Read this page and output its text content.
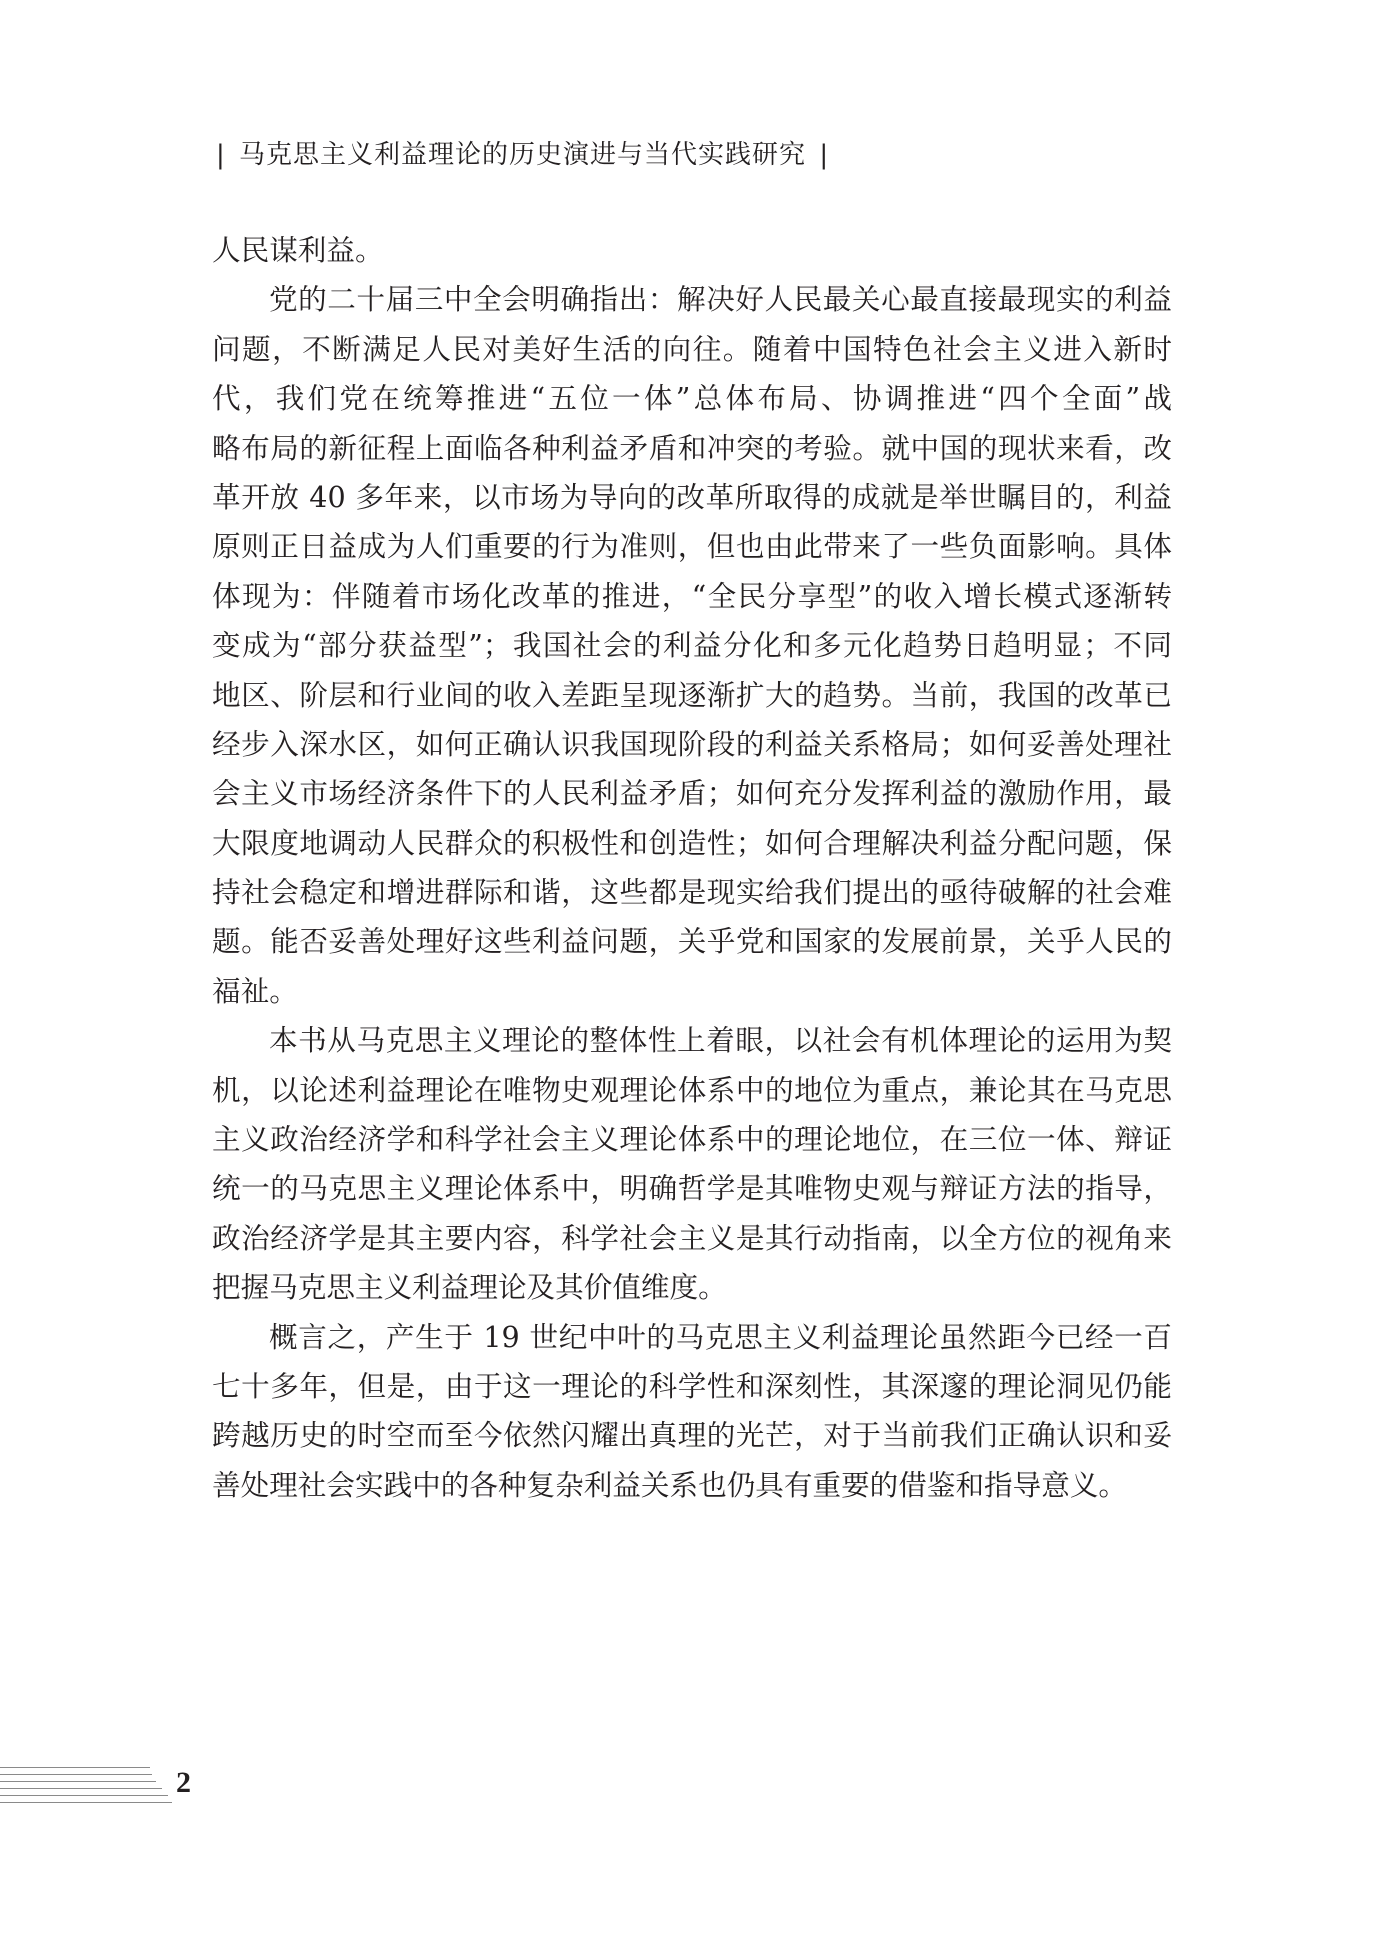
| 马克思主义利益理论的历史演进与当代实践研究 |
人民谋利益。
党的二十届三中全会明确指出：解决好人民最关心最直接最现实的利益
问题，不断满足人民对美好生活的向往。随着中国特色社会主义进入新时
代，我们党在统筹推进“五位一体”总体布局、协调推进“四个全面”战
略布局的新征程上面临各种利益矛盾和冲突的考验。就中国的现状来看，改
革开放 40 多年来，以市场为导向的改革所取得的成就是举世瞩目的，利益
原则正日益成为人们重要的行为准则，但也由此带来了一些负面影响。具体
体现为：伴随着市场化改革的推进，“全民分享型”的收入增长模式逐渐转
变成为“部分获益型”；我国社会的利益分化和多元化趋势日趋明显；不同
地区、阶层和行业间的收入差距呈现逐渐扩大的趋势。当前，我国的改革已
经步入深水区，如何正确认识我国现阶段的利益关系格局；如何妥善处理社
会主义市场经济条件下的人民利益矛盾；如何充分发挥利益的激励作用，最
大限度地调动人民群众的积极性和创造性；如何合理解决利益分配问题，保
持社会稳定和增进群际和谐，这些都是现实给我们提出的亟待破解的社会难
题。能否妥善处理好这些利益问题，关乎党和国家的发展前景，关乎人民的
福祉。
本书从马克思主义理论的整体性上着眼，以社会有机体理论的运用为契
机，以论述利益理论在唯物史观理论体系中的地位为重点，兼论其在马克思
主义政治经济学和科学社会主义理论体系中的理论地位，在三位一体、辩证
统一的马克思主义理论体系中，明确哲学是其唯物史观与辩证方法的指导，
政治经济学是其主要内容，科学社会主义是其行动指南，以全方位的视角来
把握马克思主义利益理论及其价值维度。
概言之，产生于 19 世纪中叶的马克思主义利益理论虽然距今已经一百
七十多年，但是，由于这一理论的科学性和深刻性，其深邃的理论洞见仍能
跨越历史的时空而至今依然闪耀出真理的光芒，对于当前我们正确认识和妥
善处理社会实践中的各种复杂利益关系也仍具有重要的借鉴和指导意义。
2
